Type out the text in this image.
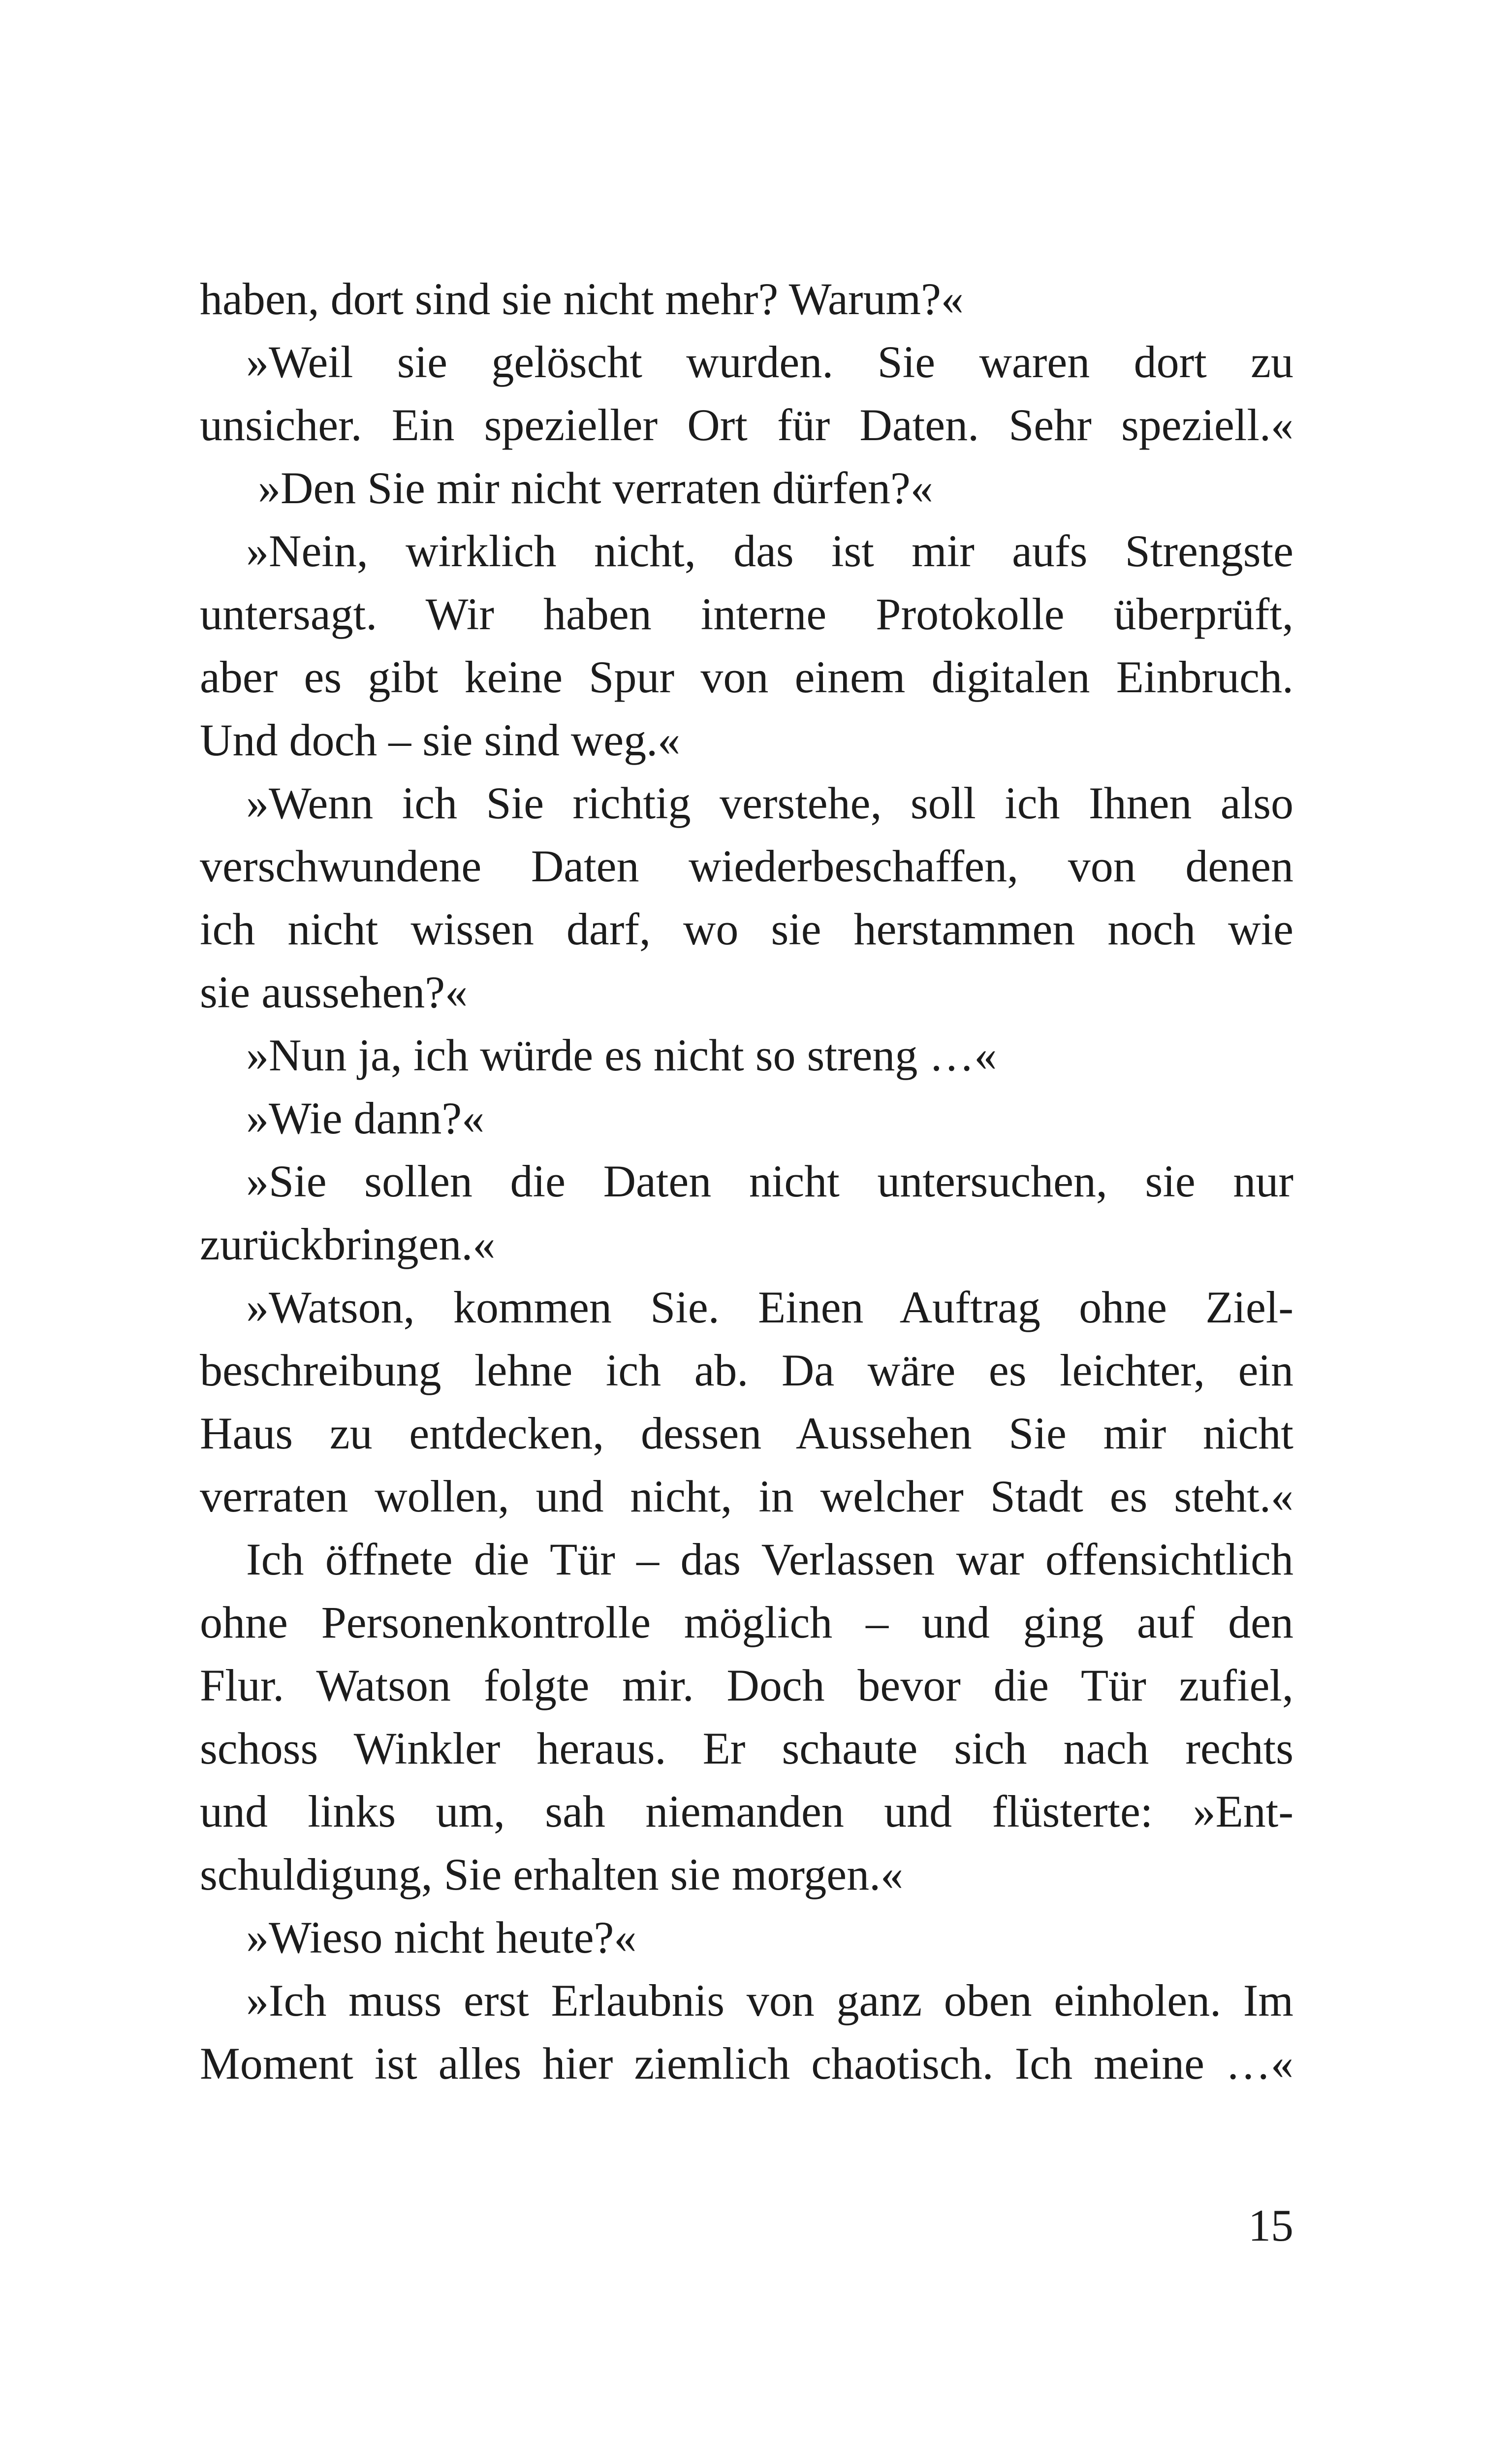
haben, dort sind sie nicht mehr? Warum?«
»Weil sie gelöscht wurden. Sie waren dort zu
unsicher. Ein spezieller Ort für Daten. Sehr speziell.«
»Den Sie mir nicht verraten dürfen?«
»Nein, wirklich nicht, das ist mir aufs Strengste
untersagt. Wir haben interne Protokolle überprüft,
aber es gibt keine Spur von einem digitalen Einbruch.
Und doch – sie sind weg.«
»Wenn ich Sie richtig verstehe, soll ich Ihnen also
verschwundene Daten wiederbeschaffen, von denen
ich nicht wissen darf, wo sie herstammen noch wie
sie aussehen?«
»Nun ja, ich würde es nicht so streng …«
»Wie dann?«
»Sie sollen die Daten nicht untersuchen, sie nur
zurückbringen.«
»Watson, kommen Sie. Einen Auftrag ohne Ziel-
beschreibung lehne ich ab. Da wäre es leichter, ein
Haus zu entdecken, dessen Aussehen Sie mir nicht
verraten wollen, und nicht, in welcher Stadt es steht.«
Ich öffnete die Tür – das Verlassen war offensichtlich
ohne Personenkontrolle möglich – und ging auf den
Flur. Watson folgte mir. Doch bevor die Tür zufiel,
schoss Winkler heraus. Er schaute sich nach rechts
und links um, sah niemanden und flüsterte: »Ent-
schuldigung, Sie erhalten sie morgen.«
»Wieso nicht heute?«
»Ich muss erst Erlaubnis von ganz oben einholen. Im
Moment ist alles hier ziemlich chaotisch. Ich meine …«
15
